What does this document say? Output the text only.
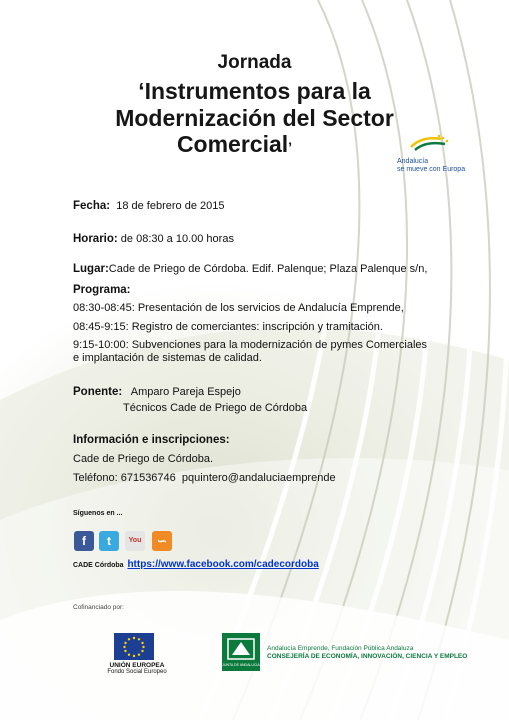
Jornada
‘Instrumentos para la
Modernización del Sector
Comercial’
Andalucía
se mueve con Europa
Fecha: 18 de febrero de 2015
Horario: de 08:30 a 10.00 horas
Lugar:Cade de Priego de Córdoba. Edif. Palenque; Plaza Palenque s/n,
Programa:
08:30-08:45: Presentación de los servicios de Andalucía Emprende,
08:45-9:15: Registro de comerciantes: inscripción y tramitación.
9:15-10:00: Subvenciones para la modernización de pymes Comerciales
e implantación de sistemas de calidad.
Ponente: Amparo Pareja Espejo
Técnicos Cade de Priego de Córdoba
Información e inscripciones:
Cade de Priego de Córdoba.
Teléfono: 671536746 pquintero@andaluciaemprende
Síguenos en ...
f	t	You	∽
CADE Córdoba https://www.facebook.com/cadecordoba
Cofinanciado por:
UNIÓN EUROPEA
Fondo Social Europeo
JUNTA DE ANDALUCIA
Andalucía Emprende, Fundación Pública Andaluza
CONSEJERÍA DE ECONOMÍA, INNOVACIÓN, CIENCIA Y EMPLEO
